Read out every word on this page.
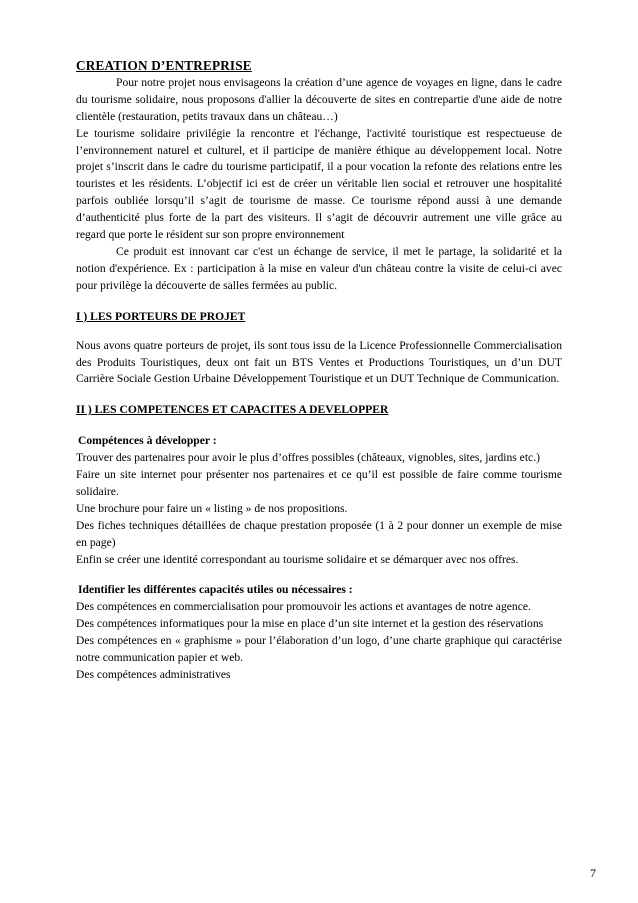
CREATION D’ENTREPRISE

Pour notre projet nous envisageons la création d’une agence de voyages en ligne, dans le cadre du tourisme solidaire, nous proposons d'allier la découverte de sites en contrepartie d'une aide de notre clientèle (restauration, petits travaux dans un château…)

Le tourisme solidaire privilégie la rencontre et l'échange, l'activité touristique est respectueuse de l’environnement naturel et culturel, et il participe de manière éthique au développement local. Notre projet s’inscrit dans le cadre du tourisme participatif, il a pour vocation la refonte des relations entre les touristes et les résidents. L’objectif ici est de créer un véritable lien social et retrouver une hospitalité parfois oubliée lorsqu’il s’agit de tourisme de masse. Ce tourisme répond aussi à une demande d’authenticité plus forte de la part des visiteurs. Il s’agit de découvrir autrement une ville grâce au regard que porte le résident sur son propre environnement

Ce produit est innovant car c'est un échange de service, il met le partage, la solidarité et la notion d'expérience. Ex : participation à la mise en valeur d'un château contre la visite de celui-ci avec pour privilège la découverte de salles fermées au public.

I ) LES PORTEURS DE PROJET

Nous avons quatre porteurs de projet, ils sont tous issu de la Licence Professionnelle Commercialisation des Produits Touristiques, deux ont fait un BTS Ventes et Productions Touristiques, un d’un DUT Carrière Sociale Gestion Urbaine Développement Touristique et un DUT Technique de Communication.

II ) LES COMPETENCES ET CAPACITES A DEVELOPPER

Compétences à développer :

Trouver des partenaires pour avoir le plus d’offres possibles (châteaux, vignobles, sites, jardins etc.)

Faire un site internet pour présenter nos partenaires et ce qu’il est possible de faire comme tourisme solidaire.

Une brochure pour faire un « listing » de nos propositions.

Des fiches techniques détaillées de chaque prestation proposée (1 à 2 pour donner un exemple de mise en page)

Enfin se créer une identité correspondant au tourisme solidaire et se démarquer avec nos offres.

Identifier les différentes capacités utiles ou nécessaires :

Des compétences en commercialisation pour promouvoir les actions et avantages de notre agence.

Des compétences informatiques pour la mise en place d’un site internet et la gestion des réservations

Des compétences en « graphisme » pour l’élaboration d’un logo, d’une charte graphique qui caractérise notre communication papier et web.

Des compétences administratives

7
